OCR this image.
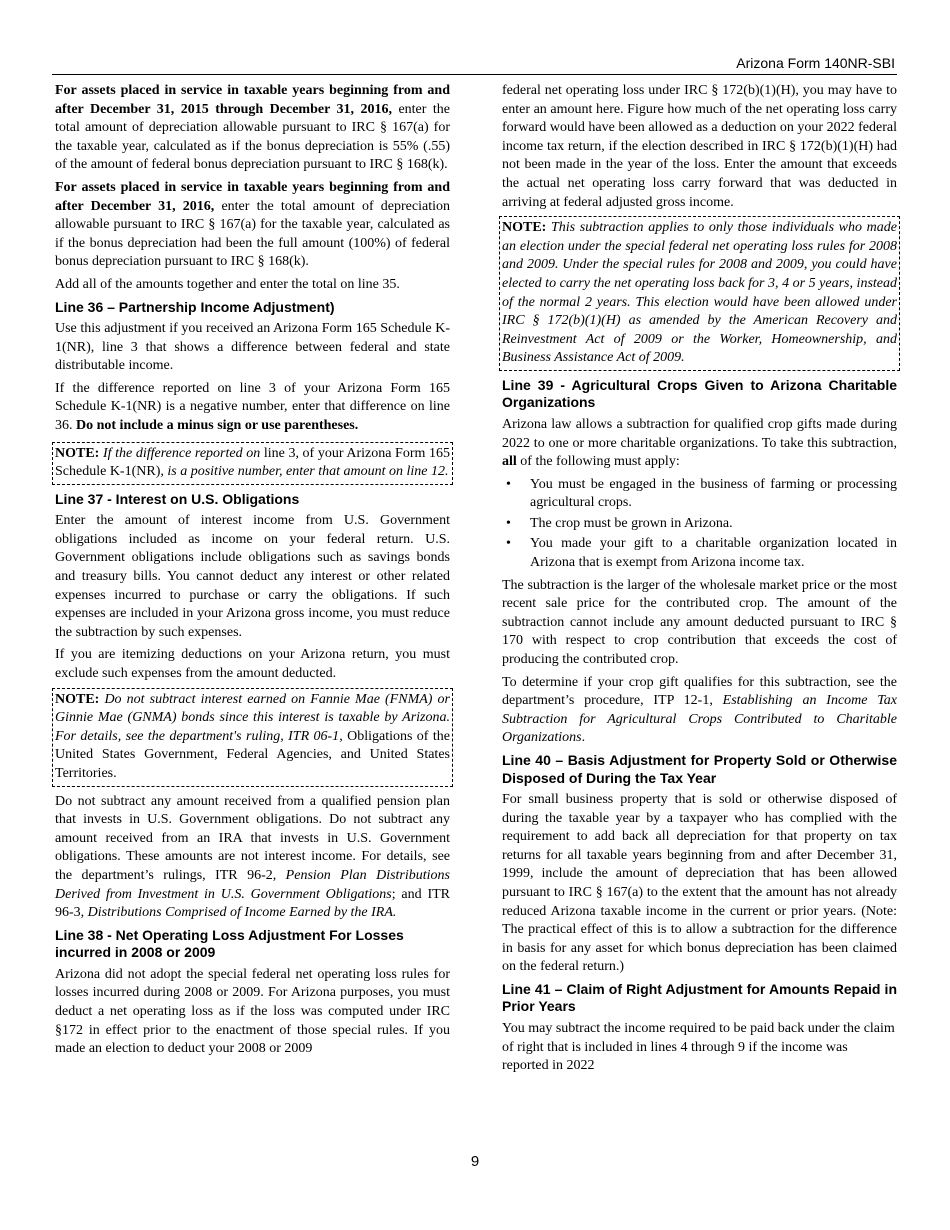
Arizona Form 140NR-SBI

For assets placed in service in taxable years beginning from and after December 31, 2015 through December 31, 2016, enter the total amount of depreciation allowable pursuant to IRC § 167(a) for the taxable year, calculated as if the bonus depreciation is 55% (.55) of the amount of federal bonus depreciation pursuant to IRC § 168(k).

For assets placed in service in taxable years beginning from and after December 31, 2016, enter the total amount of depreciation allowable pursuant to IRC § 167(a) for the taxable year, calculated as if the bonus depreciation had been the full amount (100%) of federal bonus depreciation pursuant to IRC § 168(k).

Add all of the amounts together and enter the total on line 35.

Line 36 – Partnership Income Adjustment)

Use this adjustment if you received an Arizona Form 165 Schedule K-1(NR), line 3 that shows a difference between federal and state distributable income.

If the difference reported on line 3 of your Arizona Form 165 Schedule K-1(NR) is a negative number, enter that difference on line 36. Do not include a minus sign or use parentheses.

NOTE: If the difference reported on line 3, of your Arizona Form 165 Schedule K-1(NR), is a positive number, enter that amount on line 12.
Line 37 - Interest on U.S. Obligations

Enter the amount of interest income from U.S. Government obligations included as income on your federal return. U.S. Government obligations include obligations such as savings bonds and treasury bills. You cannot deduct any interest or other related expenses incurred to purchase or carry the obligations. If such expenses are included in your Arizona gross income, you must reduce the subtraction by such expenses.

If you are itemizing deductions on your Arizona return, you must exclude such expenses from the amount deducted.

NOTE: Do not subtract interest earned on Fannie Mae (FNMA) or Ginnie Mae (GNMA) bonds since this interest is taxable by Arizona. For details, see the department's ruling, ITR 06-1, Obligations of the United States Government, Federal Agencies, and United States Territories.

Do not subtract any amount received from a qualified pension plan that invests in U.S. Government obligations. Do not subtract any amount received from an IRA that invests in U.S. Government obligations. These amounts are not interest income. For details, see the department’s rulings, ITR 96-2, Pension Plan Distributions Derived from Investment in U.S. Government Obligations; and ITR 96-3, Distributions Comprised of Income Earned by the IRA.

Line 38 - Net Operating Loss Adjustment For Losses incurred in 2008 or 2009

Arizona did not adopt the special federal net operating loss rules for losses incurred during 2008 or 2009. For Arizona purposes, you must deduct a net operating loss as if the loss was computed under IRC §172 in effect prior to the enactment of those special rules. If you made an election to deduct your 2008 or 2009

federal net operating loss under IRC § 172(b)(1)(H), you may have to enter an amount here. Figure how much of the net operating loss carry forward would have been allowed as a deduction on your 2022 federal income tax return, if the election described in IRC § 172(b)(1)(H) had not been made in the year of the loss. Enter the amount that exceeds the actual net operating loss carry forward that was deducted in arriving at federal adjusted gross income.

NOTE: This subtraction applies to only those individuals who made an election under the special federal net operating loss rules for 2008 and 2009. Under the special rules for 2008 and 2009, you could have elected to carry the net operating loss back for 3, 4 or 5 years, instead of the normal 2 years. This election would have been allowed under IRC § 172(b)(1)(H) as amended by the American Recovery and Reinvestment Act of 2009 or the Worker, Homeownership, and Business Assistance Act of 2009.
Line 39 - Agricultural Crops Given to Arizona Charitable Organizations

Arizona law allows a subtraction for qualified crop gifts made during 2022 to one or more charitable organizations. To take this subtraction, all of the following must apply:

• You must be engaged in the business of farming or processing agricultural crops.
• The crop must be grown in Arizona.
• You made your gift to a charitable organization located in Arizona that is exempt from Arizona income tax.

The subtraction is the larger of the wholesale market price or the most recent sale price for the contributed crop. The amount of the subtraction cannot include any amount deducted pursuant to IRC § 170 with respect to crop contribution that exceeds the cost of producing the contributed crop.

To determine if your crop gift qualifies for this subtraction, see the department’s procedure, ITP 12-1, Establishing an Income Tax Subtraction for Agricultural Crops Contributed to Charitable Organizations.

Line 40 – Basis Adjustment for Property Sold or Otherwise Disposed of During the Tax Year

For small business property that is sold or otherwise disposed of during the taxable year by a taxpayer who has complied with the requirement to add back all depreciation for that property on tax returns for all taxable years beginning from and after December 31, 1999, include the amount of depreciation that has been allowed pursuant to IRC § 167(a) to the extent that the amount has not already reduced Arizona taxable income in the current or prior years. (Note: The practical effect of this is to allow a subtraction for the difference in basis for any asset for which bonus depreciation has been claimed on the federal return.)

Line 41 – Claim of Right Adjustment for Amounts Repaid in Prior Years

You may subtract the income required to be paid back under the claim of right that is included in lines 4 through 9 if the income was reported in 2022

9
